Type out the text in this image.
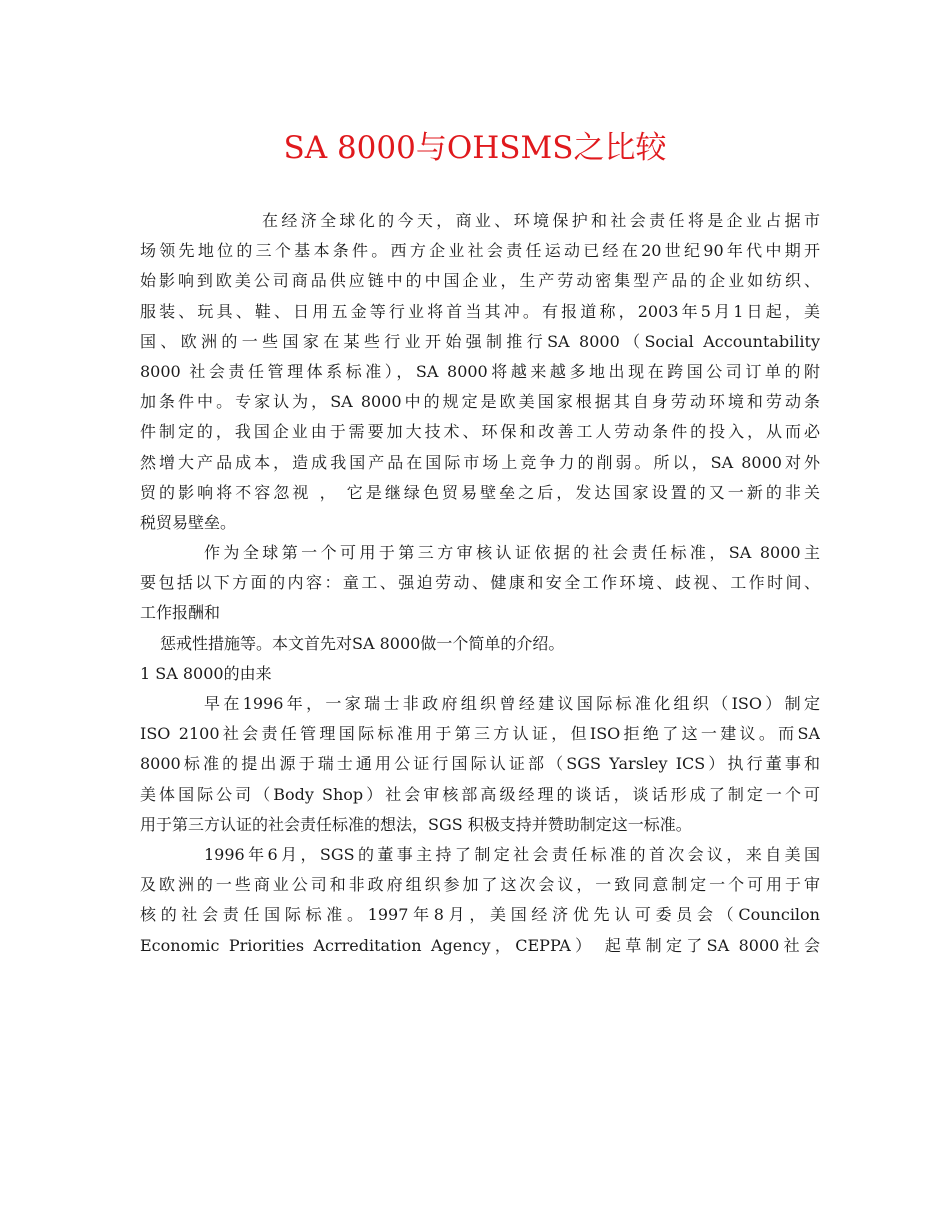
SA 8000与OHSMS之比较
在经济全球化的今天，商业、环境保护和社会责任将是企业占据市
场领先地位的三个基本条件。西方企业社会责任运动已经在20世纪90年代中期开
始影响到欧美公司商品供应链中的中国企业，生产劳动密集型产品的企业如纺织、
服装、玩具、鞋、日用五金等行业将首当其冲。有报道称，2003年5月1日起，美
国、欧洲的一些国家在某些行业开始强制推行SA 8000（Social Accountability
8000 社会责任管理体系标准），SA 8000将越来越多地出现在跨国公司订单的附
加条件中。专家认为，SA 8000中的规定是欧美国家根据其自身劳动环境和劳动条
件制定的，我国企业由于需要加大技术、环保和改善工人劳动条件的投入，从而必
然增大产品成本，造成我国产品在国际市场上竞争力的削弱。所以，SA 8000对外
贸的影响将不容忽视 ， 它是继绿色贸易壁垒之后，发达国家设置的又一新的非关
税贸易壁垒。
作为全球第一个可用于第三方审核认证依据的社会责任标准，SA 8000主
要包括以下方面的内容：童工、强迫劳动、健康和安全工作环境、歧视、工作时间、
工作报酬和
惩戒性措施等。本文首先对SA 8000做一个简单的介绍。
1 SA 8000的由来
早在1996年，一家瑞士非政府组织曾经建议国际标准化组织（ISO）制定
ISO 2100社会责任管理国际标准用于第三方认证，但ISO拒绝了这一建议。而SA
8000标准的提出源于瑞士通用公证行国际认证部（SGS Yarsley ICS）执行董事和
美体国际公司（Body Shop）社会审核部高级经理的谈话，谈话形成了制定一个可
用于第三方认证的社会责任标准的想法，SGS 积极支持并赞助制定这一标准。
1996年6月，SGS的董事主持了制定社会责任标准的首次会议，来自美国
及欧洲的一些商业公司和非政府组织参加了这次会议，一致同意制定一个可用于审
核的社会责任国际标准。1997年8月，美国经济优先认可委员会（Councilon
Economic Priorities Acrreditation Agency，CEPPA） 起草制定了SA 8000社会
